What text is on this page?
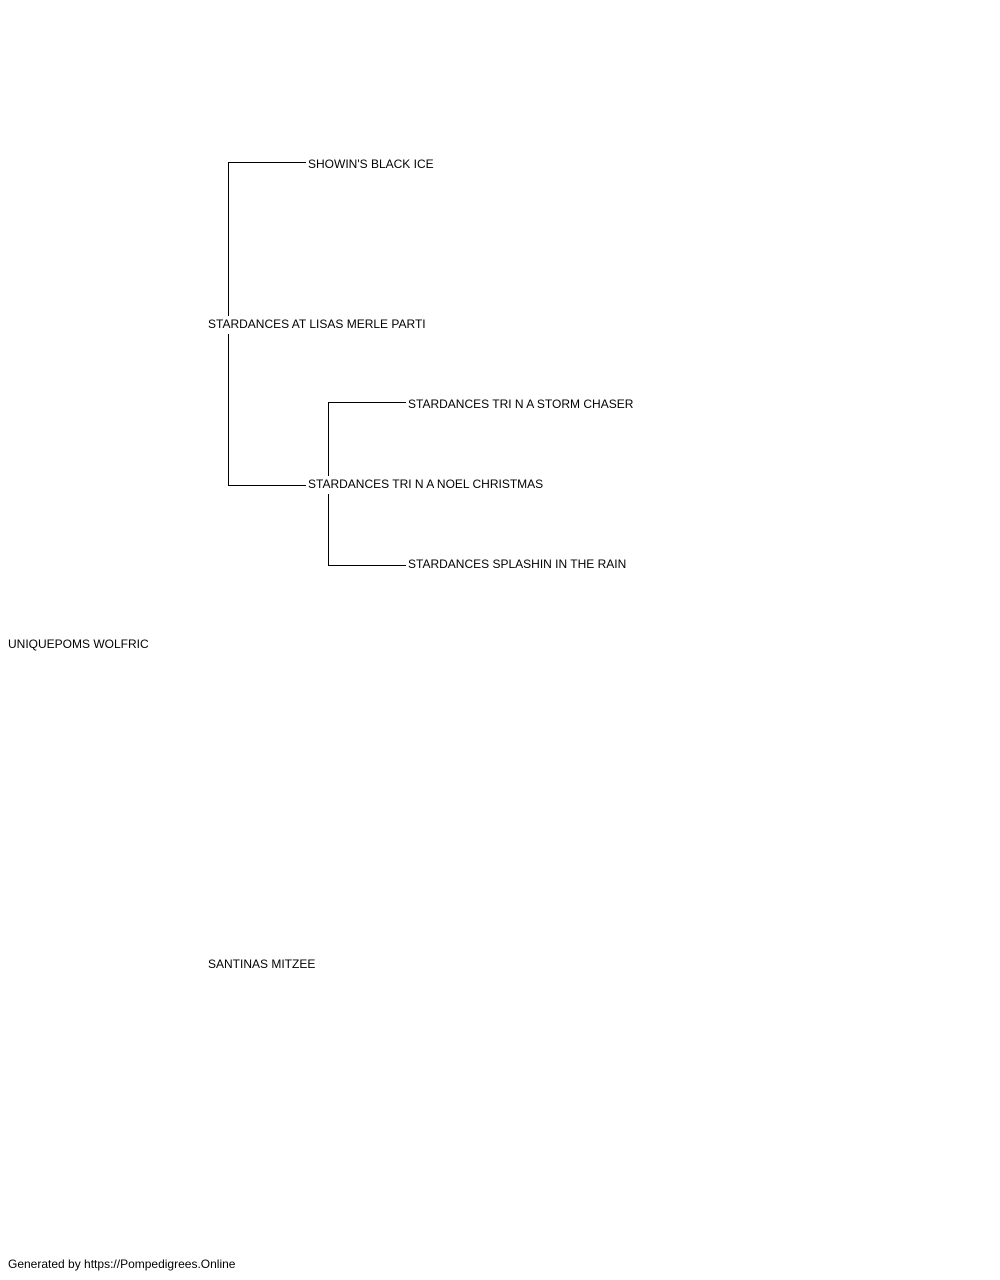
UNIQUEPOMS WOLFRIC
STARDANCES AT LISAS MERLE PARTI
SANTINAS MITZEE
SHOWIN'S BLACK ICE
STARDANCES TRI N A NOEL CHRISTMAS
STARDANCES TRI N A STORM CHASER
STARDANCES SPLASHIN IN THE RAIN
Generated by https://Pompedigrees.Online
